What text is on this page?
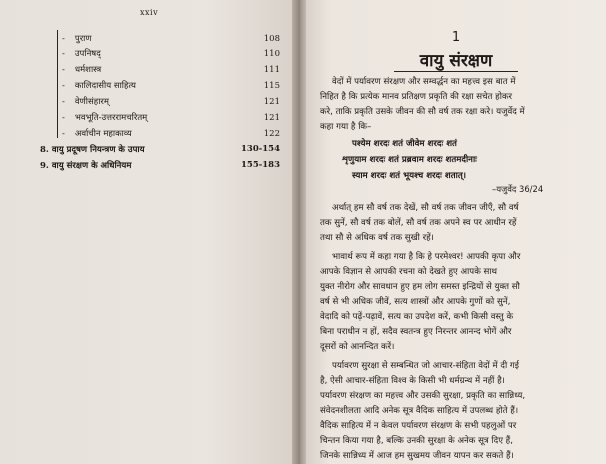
xxiv
- पुराण	108
- उपनिषद्	110
- धर्मशास्त्र	111
- कालिदासीय साहित्य	115
- वेणीसंहारम्	121
- भवभूति-उत्तररामचरितम्	121
- अर्वाचीन महाकाव्य	122
8. वायु प्रदूषण नियन्त्रण के उपाय	130-154
9. वायु संरक्षण के अधिनियम	155-183
1
वायु संरक्षण
वेदों में पर्यावरण संरक्षण और सम्वर्द्धन का महत्त्व इस बात में
निहित है कि प्रत्येक मानव प्रतिक्षण प्रकृति की रक्षा सचेत होकर
करे, ताकि प्रकृति उसके जीवन की सौ वर्ष तक रक्षा करे। यजुर्वेद में
कहा गया है कि–
पश्येम शरदः शतं जीवेम शरदः शतं
शृणुयाम शरदः शतं प्रब्रवाम शरदः शतमदीनाः
स्याम शरदः शतं भूयश्च शरदः शतात्।
–यजुर्वेद 36/24
अर्थात् हम सौ वर्ष तक देखें, सौ वर्ष तक जीवन जीएँ, सौ वर्ष
तक सुनें, सौ वर्ष तक बोलें, सौ वर्ष तक अपने स्व पर आधीन रहें
तथा सौ से अधिक वर्ष तक सुखी रहें।
भावार्थ रूप में कहा गया है कि हे परमेश्वर! आपकी कृपा और
आपके विज्ञान से आपकी रचना को देखते हुए आपके साथ
युक्त नीरोग और सावधान हुए हम लोग समस्त इन्द्रियों से युक्त सौ
वर्ष से भी अधिक जीवें, सत्य शास्त्रों और आपके गुणों को सुनें,
वेदादि को पढ़ें-पढ़ावें, सत्य का उपदेश करें, कभी किसी वस्तु के
बिना पराधीन न हों, सदैव स्वतन्त्र हुए निरन्तर आनन्द भोगें और
दूसरों को आनन्दित करें।
पर्यावरण सुरक्षा से सम्बन्धित जो आचार-संहिता वेदों में दी गई
है, ऐसी आचार-संहिता विश्व के किसी भी धर्मग्रन्थ में नहीं है।
पर्यावरण संरक्षण का महत्त्व और उसकी सुरक्षा, प्रकृति का सान्निध्य,
संवेदनशीलता आदि अनेक सूत्र वैदिक साहित्य में उपलब्ध होते हैं।
वैदिक साहित्य में न केवल पर्यावरण संरक्षण के सभी पहलुओं पर
चिन्तन किया गया है, बल्कि उनकी सुरक्षा के अनेक सूत्र दिए हैं,
जिनके सान्निध्य में आज हम सुखमय जीवन यापन कर सकते हैं।
